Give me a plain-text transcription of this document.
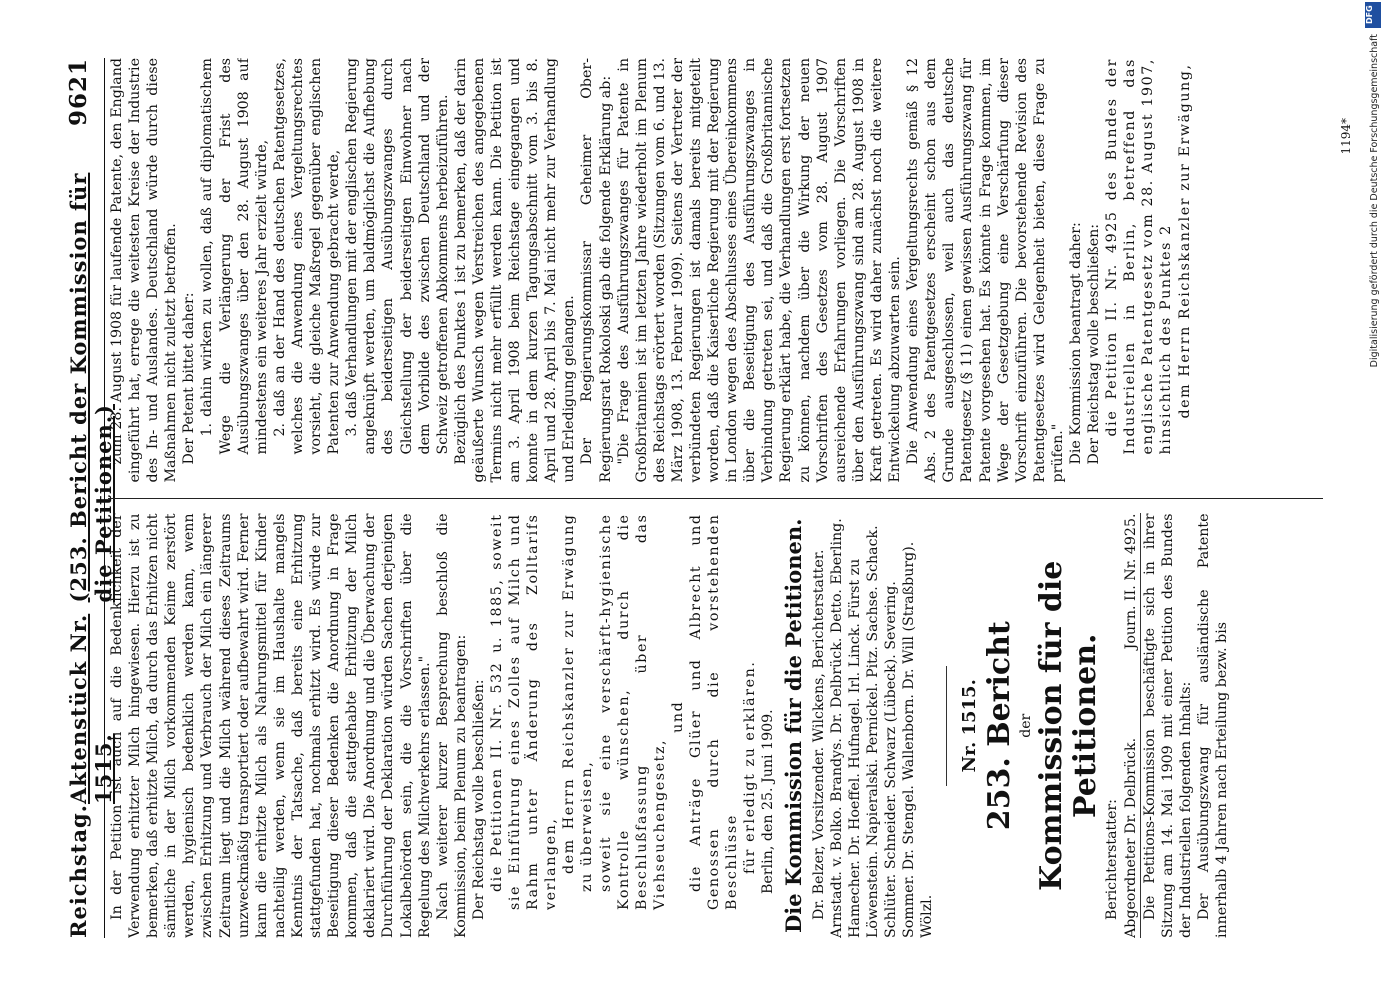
Reichstag.
Aktenstück Nr. 1515.
(253. Bericht der Kommission für die Petitionen.)
9621

In der Petition ist auch auf die Bedenklichkeit der Verwendung erhitzter Milch hingewiesen. Hierzu ist zu bemerken, daß erhitzte Milch, da durch das Erhitzen nicht sämtliche in der Milch vorkommenden Keime zerstört werden, hygienisch bedenklich werden kann, wenn zwischen Erhitzung und Verbrauch der Milch ein längerer Zeitraum liegt und die Milch während dieses Zeitraums unzweckmäßig transportiert oder aufbewahrt wird. Ferner kann die erhitzte Milch als Nahrungsmittel für Kinder nachteilig werden, wenn sie im Haushalte mangels Kenntnis der Tatsache, daß bereits eine Erhitzung stattgefunden hat, nochmals erhitzt wird. Es würde zur Beseitigung dieser Bedenken die Anordnung in Frage kommen, daß die stattgehabte Erhitzung der Milch deklariert wird. Die Anordnung und die Überwachung der Durchführung der Deklaration würden Sachen derjenigen Lokalbehörden sein, die die Vorschriften über die Regelung des Milchverkehrs erlassen." Nach weiterer kurzer Besprechung beschloß die Kommission, beim Plenum zu beantragen: Der Reichstag wolle beschließen: die Petitionen II. Nr. 532 u. 1885, soweit sie Einführung eines Zolles auf Milch und Rahm unter Änderung des Zolltarifs verlangen, dem Herrn Reichskanzler zur Erwägung zu überweisen, soweit sie eine verschärft-hygienische Kontrolle wünschen, durch die Beschlußfassung über das Viehseuchengesetz,

und die Anträge Glüer und Albrecht und Genossen durch die vorstehenden Beschlüsse für erledigt zu erklären. Berlin, den 25. Juni 1909. Die Kommission für die Petitionen. Dr. Belzer, Vorsitzender. Wilckens, Berichterstatter. Arnstadt. v. Bolko. Brandys. Dr. Delbrück. Detto. Eberling. Hamecher. Dr. Hoeffel. Hufnagel. Irl. Linck. Fürst zu Löwenstein. Napieralski. Pernickel. Pitz. Sachse. Schack. Schlüter. Schneider. Schwarz (Lübeck). Severing. Sommer. Dr. Stengel. Wallenborn. Dr. Will (Straßburg). Wölzl.

Nr. 1515. 253. Bericht der Kommission für die Petitionen.

Berichterstatter: Abgeordneter Dr. Delbrück.
Journ. II. Nr. 4925. Die Petitions-Kommission beschäftigte sich in ihrer Sitzung am 14. Mai 1909 mit einer Petition des Bundes der Industriellen folgenden Inhalts: Der Ausübungszwang für ausländische Patente innerhalb 4 Jahren nach Erteilung bezw. bis

zum 28. August 1908 für laufende Patente, den England eingeführt hat, errege die weitesten Kreise der Industrie des In- und Auslandes. Deutschland würde durch diese Maßnahmen nicht zuletzt betroffen. Der Petent bittet daher: 1. dahin wirken zu wollen, daß auf diplomatischem Wege die Verlängerung der Frist des Ausübungszwanges über den 28. August 1908 auf mindestens ein weiteres Jahr erzielt würde, 2. daß an der Hand des deutschen Patentgesetzes, welches die Anwendung eines Vergeltungsrechtes vorsieht, die gleiche Maßregel gegenüber englischen Patenten zur Anwendung gebracht werde, 3. daß Verhandlungen mit der englischen Regierung angeknüpft werden, um baldmöglichst die Aufhebung des beiderseitigen Ausübungszwanges durch Gleichstellung der beiderseitigen Einwohner nach dem Vorbilde des zwischen Deutschland und der Schweiz getroffenen Abkommens herbeizuführen. Bezüglich des Punktes 1 ist zu bemerken, daß der darin geäußerte Wunsch wegen Verstreichen des angegebenen Termins nicht mehr erfüllt werden kann. Die Petition ist am 3. April 1908 beim Reichstage eingegangen und konnte in dem kurzen Tagungsabschnitt vom 3. bis 8. April und 28. April bis 7. Mai nicht mehr zur Verhandlung und Erledigung gelangen. Der Regierungskommissar Geheimer Ober-Regierungsrat Rokoloski gab die folgende Erklärung ab: "Die Frage des Ausführungszwanges für Patente in Großbritannien ist im letzten Jahre wiederholt im Plenum des Reichstags erörtert worden (Sitzungen vom 6. und 13. März 1908, 13. Februar 1909). Seitens der Vertreter der verbündeten Regierungen ist damals bereits mitgeteilt worden, daß die Kaiserliche Regierung mit der Regierung in London wegen des Abschlusses eines Übereinkommens über die Beseitigung des Ausführungszwanges in Verbindung getreten sei, und daß die Großbritannische Regierung erklärt habe, die Verhandlungen erst fortsetzen zu können, nachdem über die Wirkung der neuen Vorschriften des Gesetzes vom 28. August 1907 ausreichende Erfahrungen vorliegen. Die Vorschriften über den Ausführungszwang sind am 28. August 1908 in Kraft getreten. Es wird daher zunächst noch die weitere Entwickelung abzuwarten sein. Die Anwendung eines Vergeltungsrechts gemäß § 12 Abs. 2 des Patentgesetzes erscheint schon aus dem Grunde ausgeschlossen, weil auch das deutsche Patentgesetz (§ 11) einen gewissen Ausführungszwang für Patente vorgesehen hat. Es könnte in Frage kommen, im Wege der Gesetzgebung eine Verschärfung dieser Vorschrift einzuführen. Die bevorstehende Revision des Patentgesetzes wird Gelegenheit bieten, diese Frage zu prüfen." Die Kommission beantragt daher: Der Reichstag wolle beschließen: die Petition II. Nr. 4925 des Bundes der Industriellen in Berlin, betreffend das englische Patentgesetz vom 28. August 1907, hinsichtlich des Punktes 2 dem Herrn Reichskanzler zur Erwägung,	1194*
DFG
Digitalisierung gefördert durch die Deutsche Forschungsgemeinschaft
